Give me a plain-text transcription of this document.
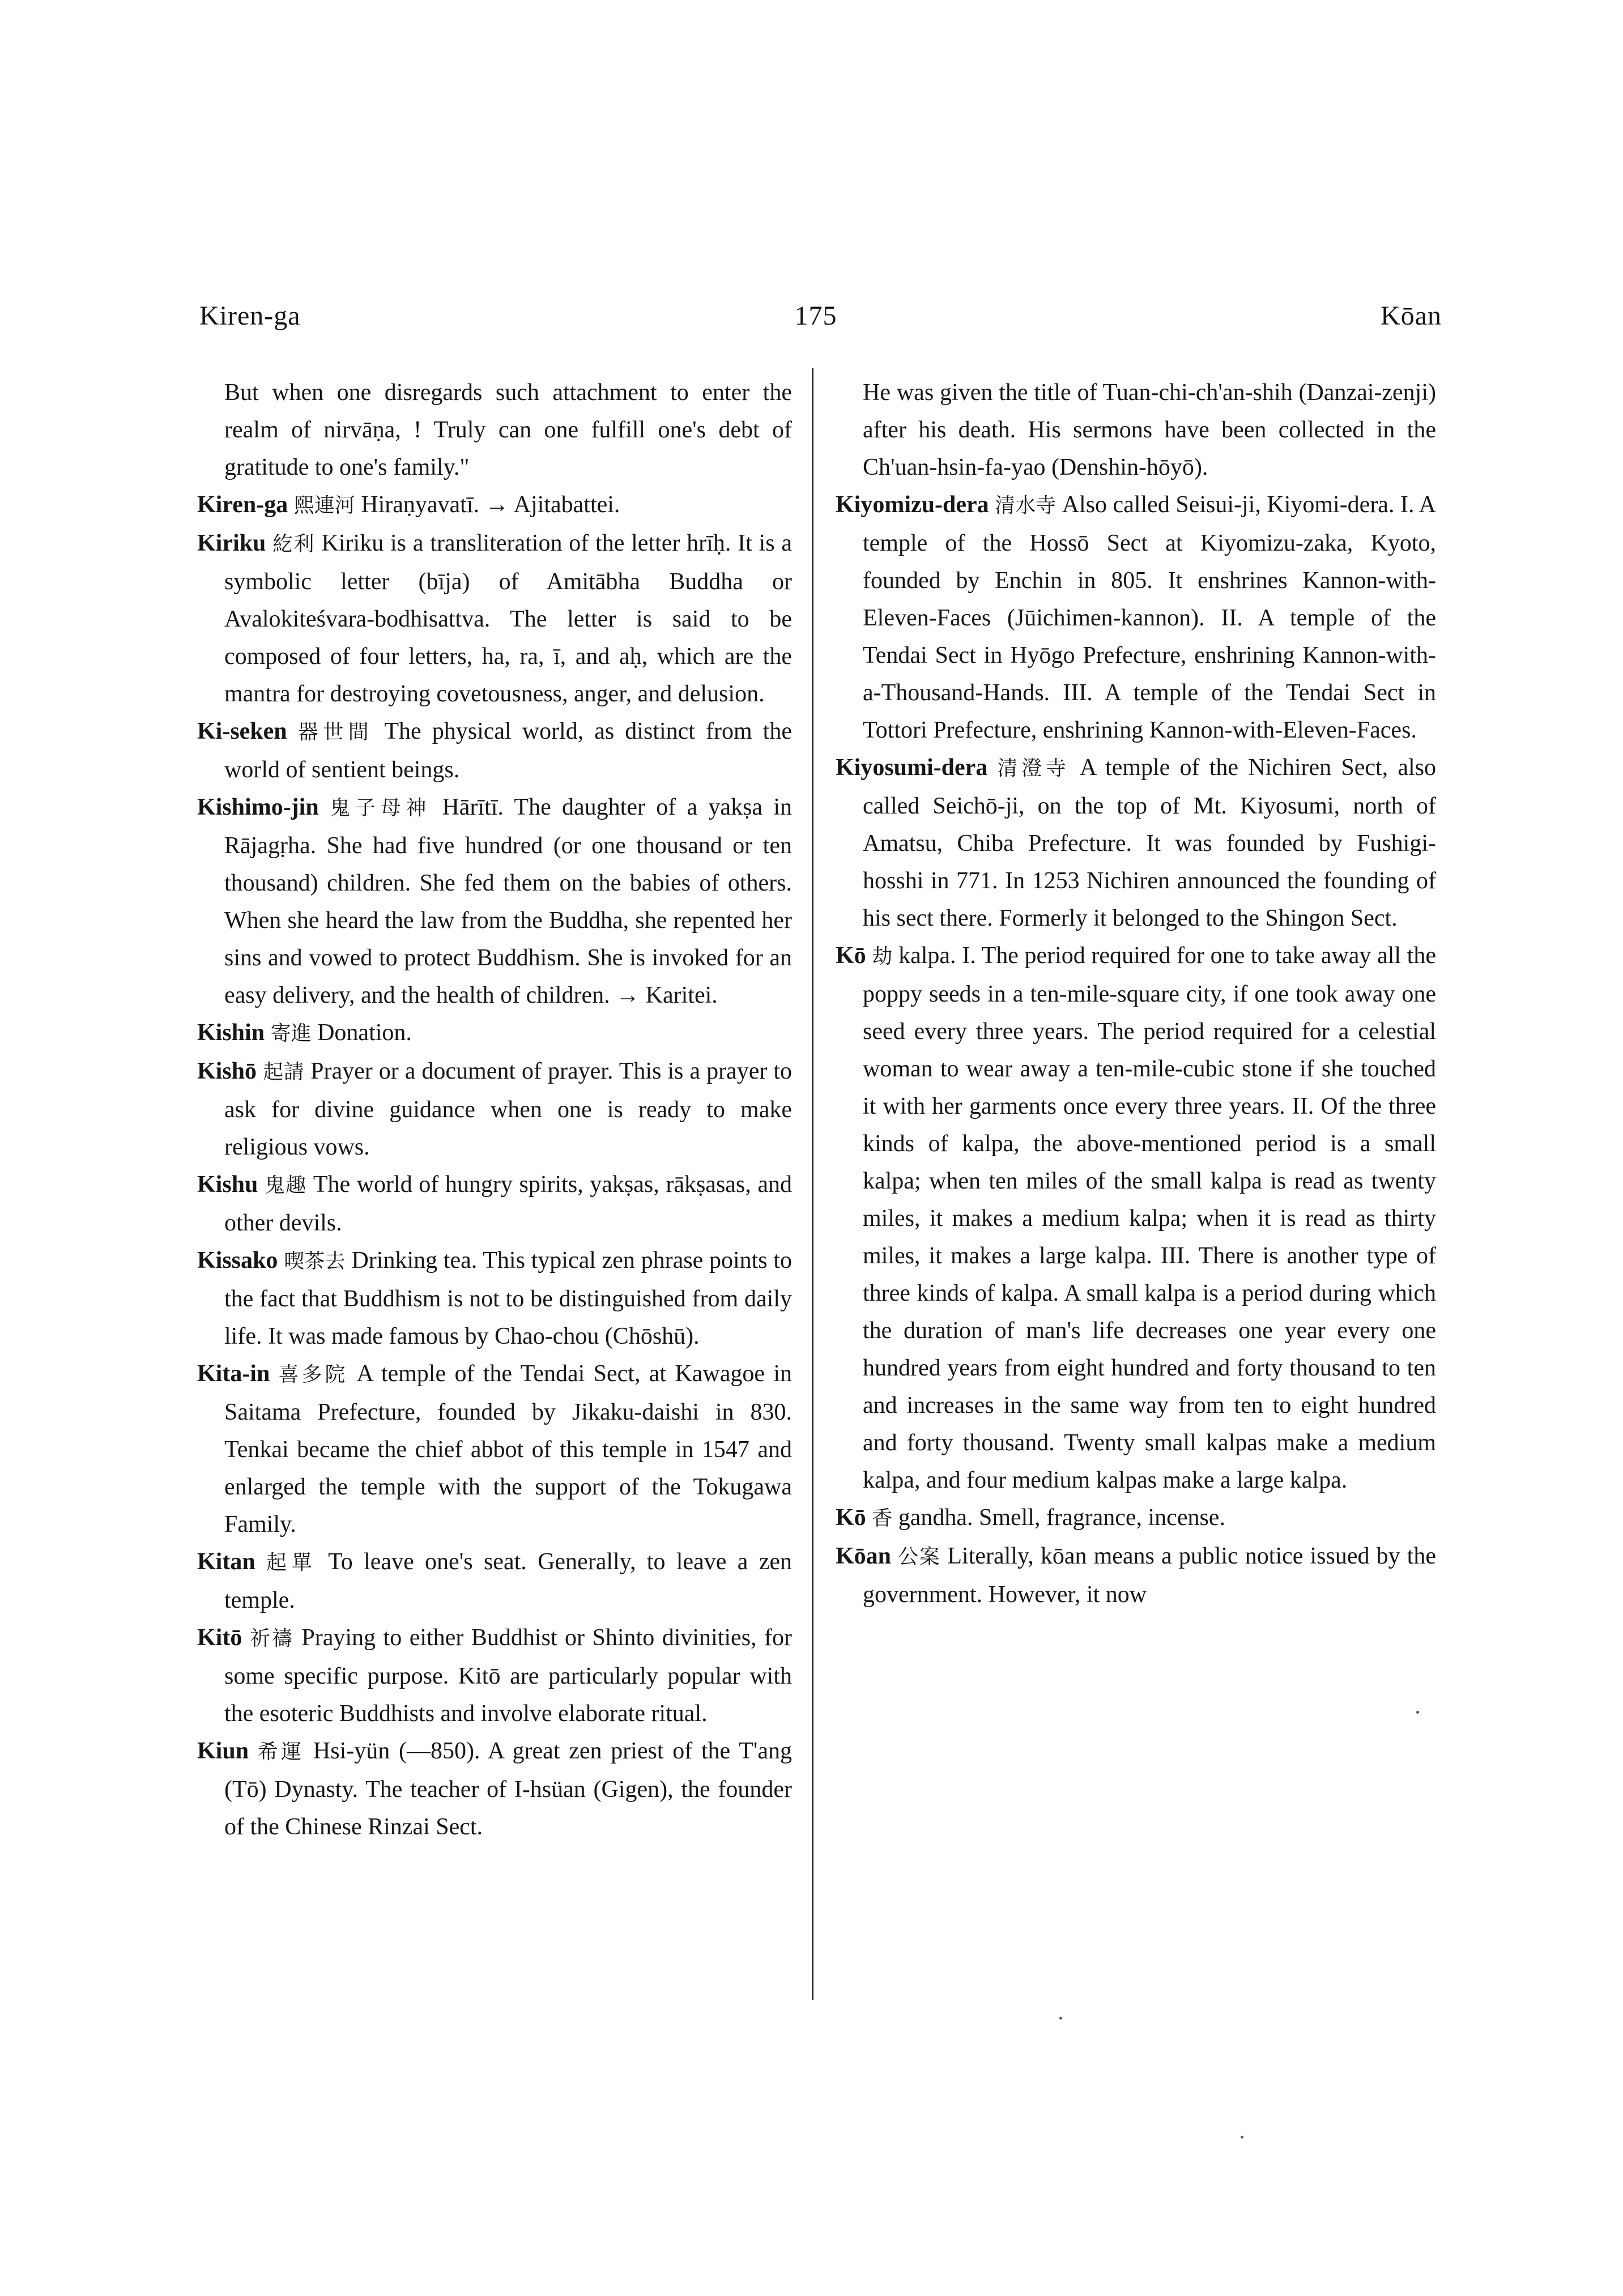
Kiren-ga	175	Kōan

But when one disregards such attachment to enter the realm of nirvāṇa, ! Truly can one fulfill one's debt of gratitude to one's family."

Kiren-ga 熙連河 Hiraṇyavatī. → Ajitabattei.

Kiriku 紇利 Kiriku is a transliteration of the letter hrīḥ. It is a symbolic letter (bīja) of Amitābha Buddha or Avalokiteśvara-bodhisattva. The letter is said to be composed of four letters, ha, ra, ī, and aḥ, which are the mantra for destroying covetousness, anger, and delusion.

Ki-seken 器世間 The physical world, as distinct from the world of sentient beings.

Kishimo-jin 鬼子母神 Hārītī. The daughter of a yakṣa in Rājagṛha. She had five hundred (or one thousand or ten thousand) children. She fed them on the babies of others. When she heard the law from the Buddha, she repented her sins and vowed to protect Buddhism. She is invoked for an easy delivery, and the health of children. → Karitei.

Kishin 寄進 Donation.

Kishō 起請 Prayer or a document of prayer. This is a prayer to ask for divine guidance when one is ready to make religious vows.

Kishu 鬼趣 The world of hungry spirits, yakṣas, rākṣasas, and other devils.

Kissako 喫茶去 Drinking tea. This typical zen phrase points to the fact that Buddhism is not to be distinguished from daily life. It was made famous by Chao-chou (Chōshū).

Kita-in 喜多院 A temple of the Tendai Sect, at Kawagoe in Saitama Prefecture, founded by Jikaku-daishi in 830. Tenkai became the chief abbot of this temple in 1547 and enlarged the temple with the support of the Tokugawa Family.

Kitan 起單 To leave one's seat. Generally, to leave a zen temple.

Kitō 祈禱 Praying to either Buddhist or Shinto divinities, for some specific purpose. Kitō are particularly popular with the esoteric Buddhists and involve elaborate ritual.

Kiun 希運 Hsi-yün (—850). A great zen priest of the T'ang (Tō) Dynasty. The teacher of I-hsüan (Gigen), the founder of the Chinese Rinzai Sect.

He was given the title of Tuan-chi-ch'an-shih (Danzai-zenji) after his death. His sermons have been collected in the Ch'uan-hsin-fa-yao (Denshin-hōyō).

Kiyomizu-dera 清水寺 Also called Seisui-ji, Kiyomi-dera. I. A temple of the Hossō Sect at Kiyomizu-zaka, Kyoto, founded by Enchin in 805. It enshrines Kannon-with-Eleven-Faces (Jūichimen-kannon). II. A temple of the Tendai Sect in Hyōgo Prefecture, enshrining Kannon-with-a-Thousand-Hands. III. A temple of the Tendai Sect in Tottori Prefecture, enshrining Kannon-with-Eleven-Faces.

Kiyosumi-dera 清澄寺 A temple of the Nichiren Sect, also called Seichō-ji, on the top of Mt. Kiyosumi, north of Amatsu, Chiba Prefecture. It was founded by Fushigi-hosshi in 771. In 1253 Nichiren announced the founding of his sect there. Formerly it belonged to the Shingon Sect.

Kō 劫 kalpa. I. The period required for one to take away all the poppy seeds in a ten-mile-square city, if one took away one seed every three years. The period required for a celestial woman to wear away a ten-mile-cubic stone if she touched it with her garments once every three years. II. Of the three kinds of kalpa, the above-mentioned period is a small kalpa; when ten miles of the small kalpa is read as twenty miles, it makes a medium kalpa; when it is read as thirty miles, it makes a large kalpa. III. There is another type of three kinds of kalpa. A small kalpa is a period during which the duration of man's life decreases one year every one hundred years from eight hundred and forty thousand to ten and increases in the same way from ten to eight hundred and forty thousand. Twenty small kalpas make a medium kalpa, and four medium kalpas make a large kalpa.

Kō 香 gandha. Smell, fragrance, incense.

Kōan 公案 Literally, kōan means a public notice issued by the government. However, it now
